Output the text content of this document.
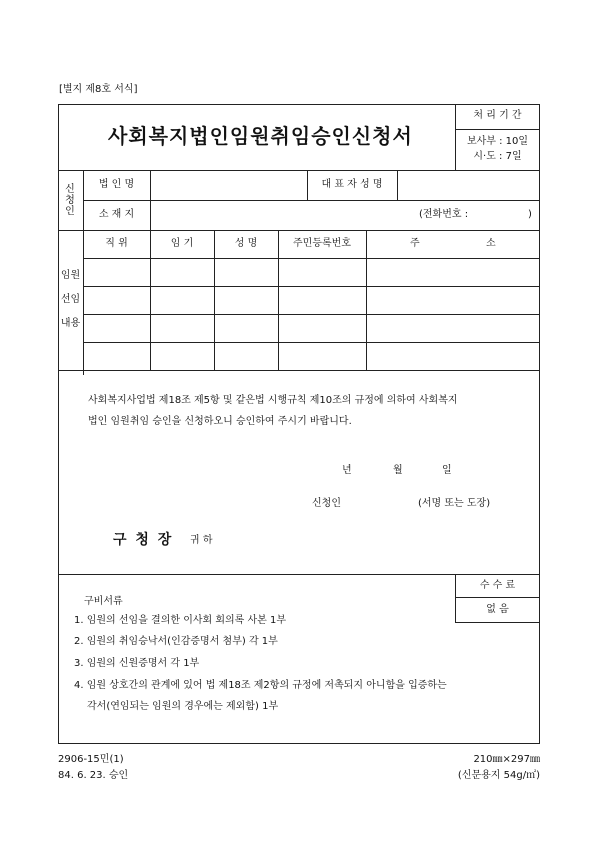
[별지 제8호 서식]
사회복지법인임원취임승인신청서
처 리 기 간
보사부 : 10일
시·도 : 7일
신청인
법 인 명	대 표 자 성 명
소 재 지	(전화번호 :	)
임원
선임
내용
직 위	임 기	성 명	주민등록번호	주	소
사회복지사업법 제18조 제5항 및 같은법 시행규칙 제10조의 규정에 의하여 사회복지
법인 임원취임 승인을 신청하오니 승인하여 주시기 바랍니다.
년	월	일
신청인	(서명 또는 도장)
구 청 장 귀 하
수 수 료
없 음
구비서류
1. 임원의 선임을 결의한 이사회 회의록 사본 1부
2. 임원의 취임승낙서(인감증명서 첨부) 각 1부
3. 임원의 신원증명서 각 1부
4. 임원 상호간의 관계에 있어 법 제18조 제2항의 규정에 저촉되지 아니함을 입증하는
각서(연임되는 임원의 경우에는 제외함) 1부
2906-15민(1)
84. 6. 23. 승인
210㎜×297㎜
(신문용지 54g/㎡)
